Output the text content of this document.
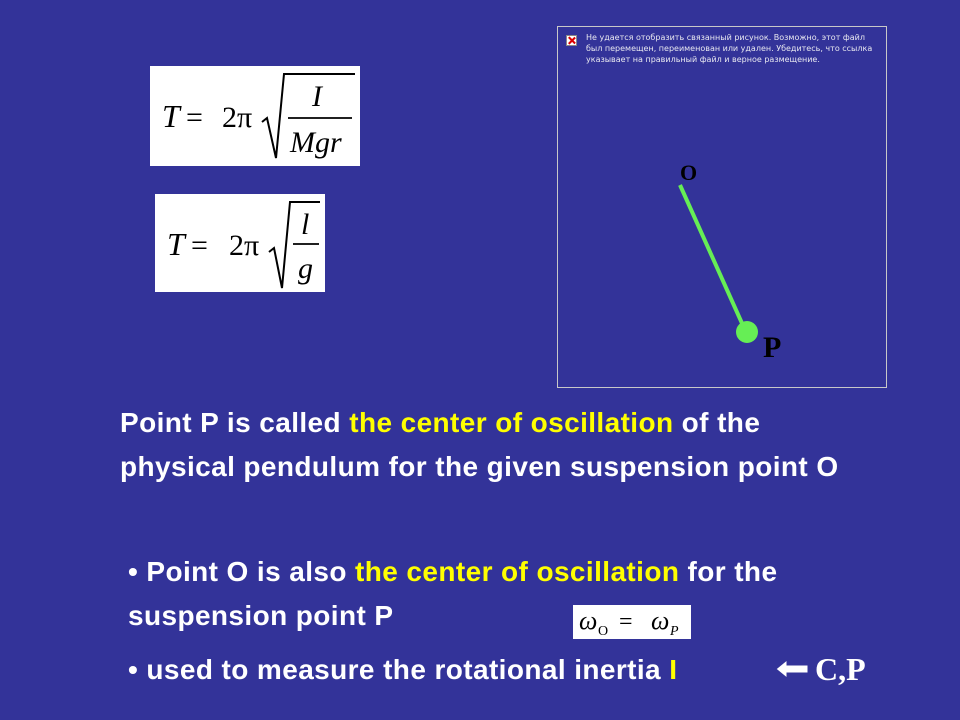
T = 2π
I
Mgr
T = 2π
l
g
Не удается отобразить связанный рисунок. Возможно, этот файл был перемещен, переименован или удален. Убедитесь, что ссылка указывает на правильный файл и верное размещение.
O
P
Point P is called the center of oscillation of the physical pendulum for the given suspension point O
• Point O is also the center of oscillation for the suspension point P	ω O = ω P
• used to measure the rotational inertia I	C,P
